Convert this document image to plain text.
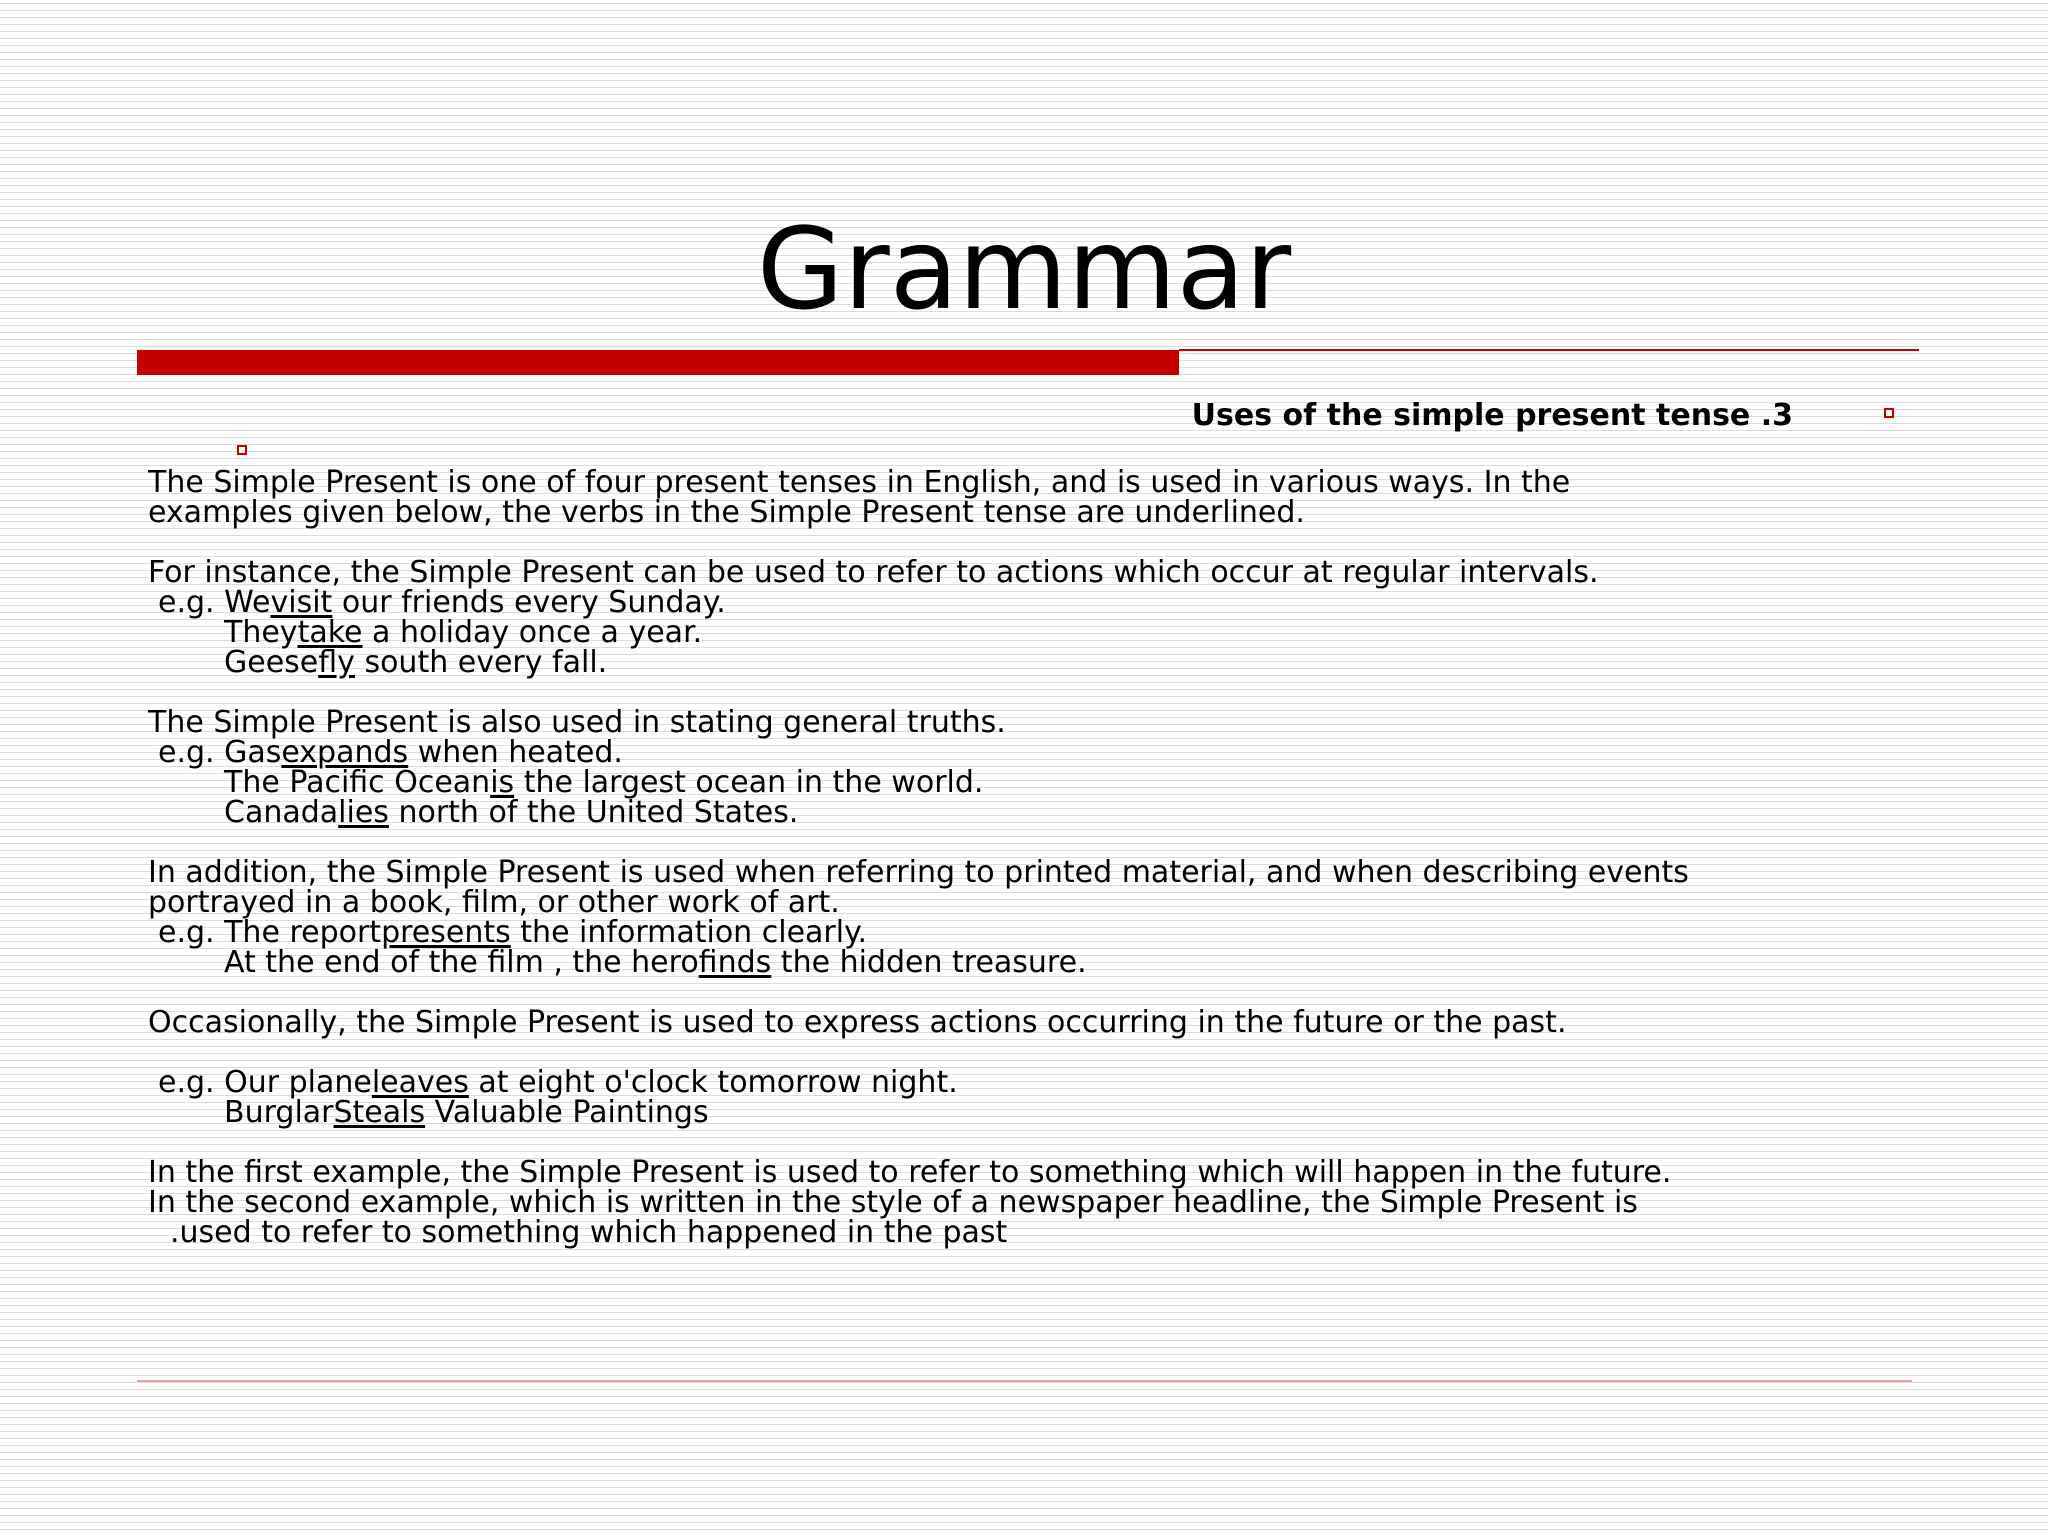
Grammar

Uses of the simple present tense .3

The Simple Present is one of four present tenses in English, and is used in various ways. In the
examples given below, the verbs in the Simple Present tense are underlined.
For instance, the Simple Present can be used to refer to actions which occur at regular intervals.
e.g. Wevisit our friends every Sunday.
Theytake a holiday once a year.
Geesefly south every fall.
The Simple Present is also used in stating general truths.
e.g. Gasexpands when heated.
The Pacific Oceanis the largest ocean in the world.
Canadalies north of the United States.
In addition, the Simple Present is used when referring to printed material, and when describing events
portrayed in a book, film, or other work of art.
e.g. The reportpresents the information clearly.
At the end of the film , the herofinds the hidden treasure.
Occasionally, the Simple Present is used to express actions occurring in the future or the past.
e.g. Our planeleaves at eight o'clock tomorrow night.
BurglarSteals Valuable Paintings
In the first example, the Simple Present is used to refer to something which will happen in the future.
In the second example, which is written in the style of a newspaper headline, the Simple Present is
.used to refer to something which happened in the past
